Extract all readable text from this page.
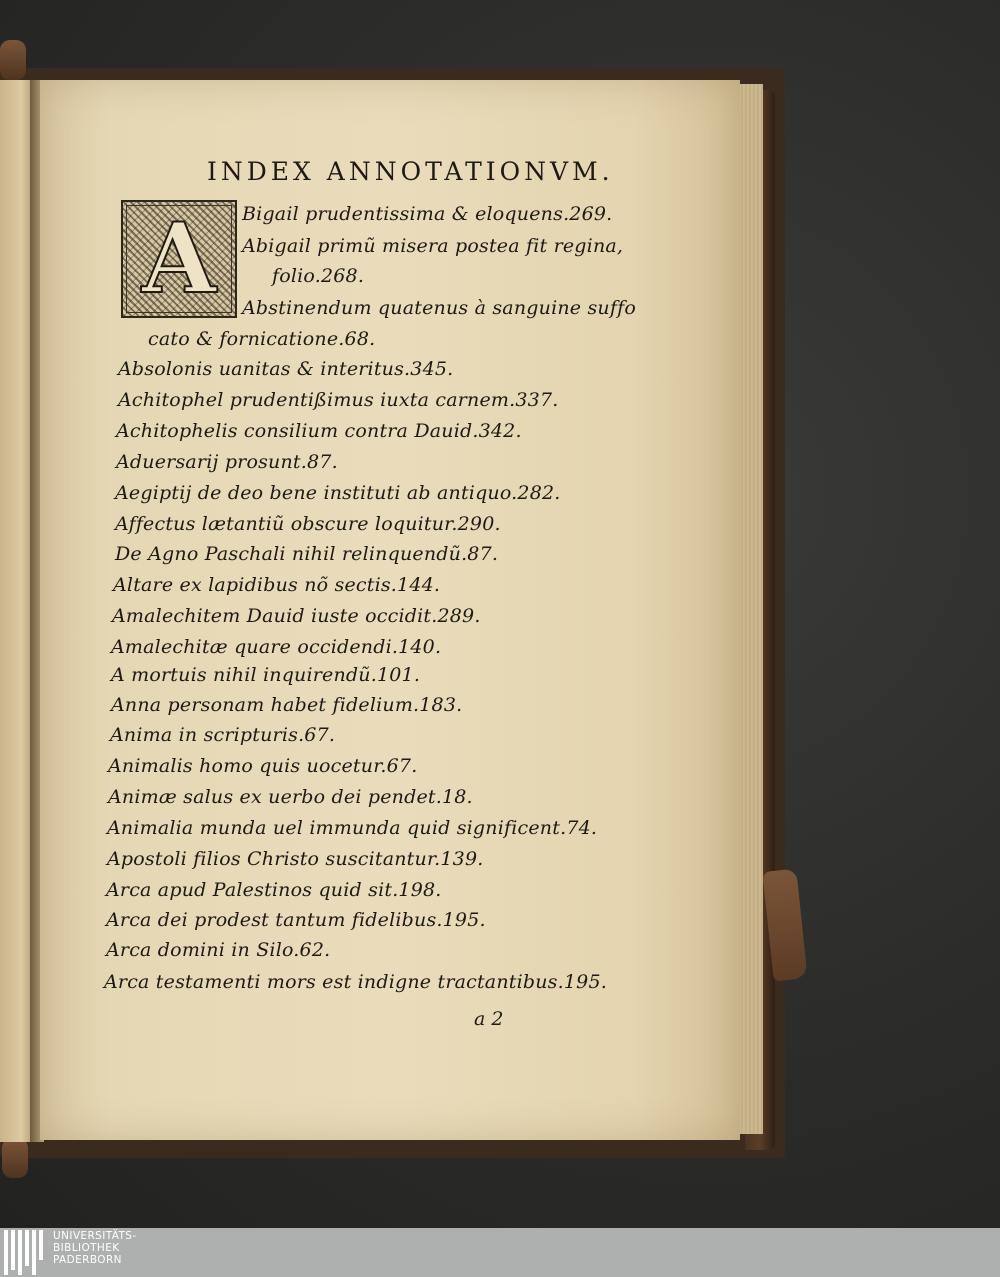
INDEX ANNOTATIONVM.
A Bigail prudentissima & eloquens.269.
Abigail primũ misera postea fit regina,
folio.268.
Abstinendum quatenus à sanguine suffo
cato & fornicatione.68.
Absolonis uanitas & interitus.345.
Achitophel prudentißimus iuxta carnem.337.
Achitophelis consilium contra Dauid.342.
Aduersarij prosunt.87.
Aegiptij de deo bene instituti ab antiquo.282.
Affectus lætantiũ obscure loquitur.290.
De Agno Paschali nihil relinquendũ.87.
Altare ex lapidibus nõ sectis.144.
Amalechitem Dauid iuste occidit.289.
Amalechitæ quare occidendi.140.
A mortuis nihil inquirendũ.101.
Anna personam habet fidelium.183.
Anima in scripturis.67.
Animalis homo quis uocetur.67.
Animæ salus ex uerbo dei pendet.18.
Animalia munda uel immunda quid significent.74.
Apostoli filios Christo suscitantur.139.
Arca apud Palestinos quid sit.198.
Arca dei prodest tantum fidelibus.195.
Arca domini in Silo.62.
Arca testamenti mors est indigne tractantibus.195.
a 2
UNIVERSITÄTS-
BIBLIOTHEK
PADERBORN
